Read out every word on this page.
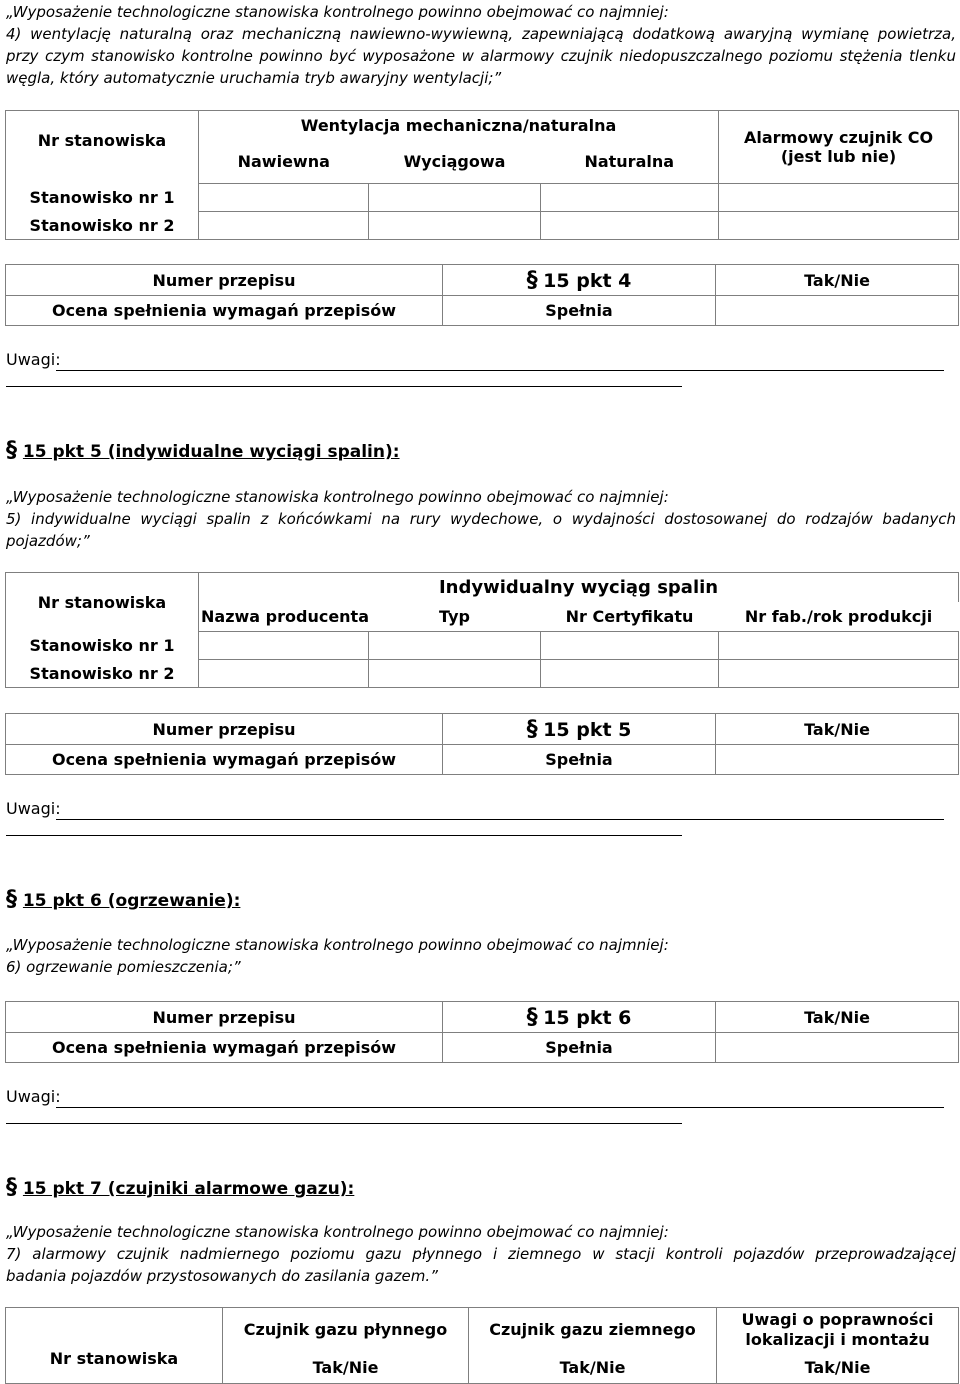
„Wyposażenie technologiczne stanowiska kontrolnego powinno obejmować co najmniej:
4) wentylację naturalną oraz mechaniczną nawiewno-wywiewną, zapewniającą dodatkową awaryjną wymianę powietrza,
przy czym stanowisko kontrolne powinno być wyposażone w alarmowy czujnik niedopuszczalnego poziomu stężenia tlenku
węgla, który automatycznie uruchamia tryb awaryjny wentylacji;”
Nr stanowiska	Wentylacja mechaniczna/naturalna			Alarmowy czujnik CO
(jest lub nie)

	Nawiewna	Wyciągowa	Naturalna	

Stanowisko nr 1				
Stanowisko nr 2				
Numer przepisu	§ 15 pkt 4	Tak/Nie
Ocena spełnienia wymagań przepisów	Spełnia	
Uwagi:
§ 15 pkt 5 (indywidualne wyciągi spalin):
„Wyposażenie technologiczne stanowiska kontrolnego powinno obejmować co najmniej:
5) indywidualne wyciągi spalin z końcówkami na rury wydechowe, o wydajności dostosowanej do rodzajów badanych
pojazdów;”
Nr stanowiska	Indywidualny wyciąg spalin			
	Nazwa producenta	Typ	Nr Certyfikatu	Nr fab./rok produkcji
Stanowisko nr 1				
Stanowisko nr 2				
Numer przepisu	§ 15 pkt 5	Tak/Nie
Ocena spełnienia wymagań przepisów	Spełnia	
Uwagi:
§ 15 pkt 6 (ogrzewanie):
„Wyposażenie technologiczne stanowiska kontrolnego powinno obejmować co najmniej:
6) ogrzewanie pomieszczenia;”
Numer przepisu	§ 15 pkt 6	Tak/Nie
Ocena spełnienia wymagań przepisów	Spełnia	
Uwagi:
§ 15 pkt 7 (czujniki alarmowe gazu):
„Wyposażenie technologiczne stanowiska kontrolnego powinno obejmować co najmniej:
7) alarmowy czujnik nadmiernego poziomu gazu płynnego i ziemnego w stacji kontroli pojazdów przeprowadzającej
badania pojazdów przystosowanych do zasilania gazem.”
Nr stanowiska	Czujnik gazu płynnego	Czujnik gazu ziemnego	Uwagi o poprawności
lokalizacji i montażu

	Tak/Nie	Tak/Nie	Tak/Nie
